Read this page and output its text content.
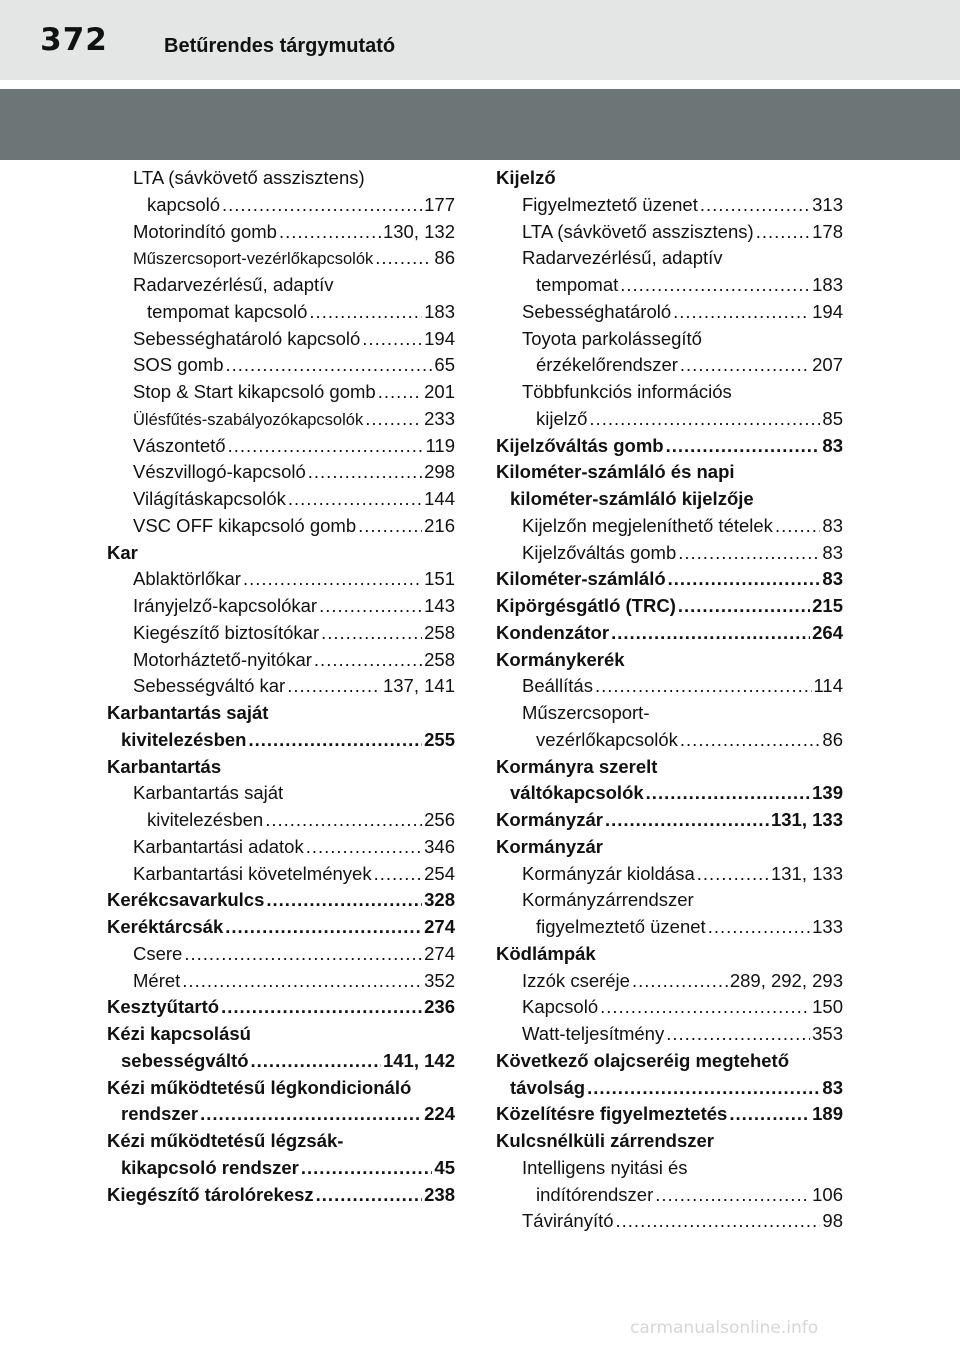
372	Betűrendes tárgymutató
LTA (sávkövető asszisztens)
kapcsoló .....	177
Motorindító gomb .....	130, 132
Műszercsoport-vezérlőkapcsolók .....	86
Radarvezérlésű, adaptív
tempomat kapcsoló .....	183
Sebességhatároló kapcsoló .....	194
SOS gomb .....	65
Stop & Start kikapcsoló gomb .....	201
Ülésfűtés-szabályozókapcsolók .....	233
Vászontető .....	119
Vészvillogó-kapcsoló .....	298
Világításkapcsolók .....	144
VSC OFF kikapcsoló gomb .....	216
Kar
Ablaktörlőkar .....	151
Irányjelző-kapcsolókar .....	143
Kiegészítő biztosítókar .....	258
Motorháztető-nyitókar .....	258
Sebességváltó kar .....	137, 141
Karbantartás saját
kivitelezésben .....	255
Karbantartás
Karbantartás saját
kivitelezésben .....	256
Karbantartási adatok .....	346
Karbantartási követelmények .....	254
Kerékcsavarkulcs .....	328
Keréktárcsák .....	274
Csere .....	274
Méret .....	352
Kesztyűtartó .....	236
Kézi kapcsolású
sebességváltó .....	141, 142
Kézi működtetésű légkondicionáló
rendszer .....	224
Kézi működtetésű légzsák-
kikapcsoló rendszer .....	45
Kiegészítő tárolórekesz .....	238
Kijelző
Figyelmeztető üzenet .....	313
LTA (sávkövető asszisztens) .....	178
Radarvezérlésű, adaptív
tempomat .....	183
Sebességhatároló .....	194
Toyota parkolássegítő
érzékelőrendszer .....	207
Többfunkciós információs
kijelző .....	85
Kijelzőváltás gomb .....	83
Kilométer-számláló és napi
kilométer-számláló kijelzője
Kijelzőn megjeleníthető tételek .....	83
Kijelzőváltás gomb .....	83
Kilométer-számláló .....	83
Kipörgésgátló (TRC) .....	215
Kondenzátor .....	264
Kormánykerék
Beállítás .....	114
Műszercsoport-
vezérlőkapcsolók .....	86
Kormányra szerelt
váltókapcsolók .....	139
Kormányzár .....	131, 133
Kormányzár
Kormányzár kioldása .....	131, 133
Kormányzárrendszer
figyelmeztető üzenet .....	133
Ködlámpák
Izzók cseréje .....	289, 292, 293
Kapcsoló .....	150
Watt-teljesítmény .....	353
Következő olajcseréig megtehető
távolság .....	83
Közelítésre figyelmeztetés .....	189
Kulcsnélküli zárrendszer
Intelligens nyitási és
indítórendszer .....	106
Távirányító .....	98
carmanualsonline.info
